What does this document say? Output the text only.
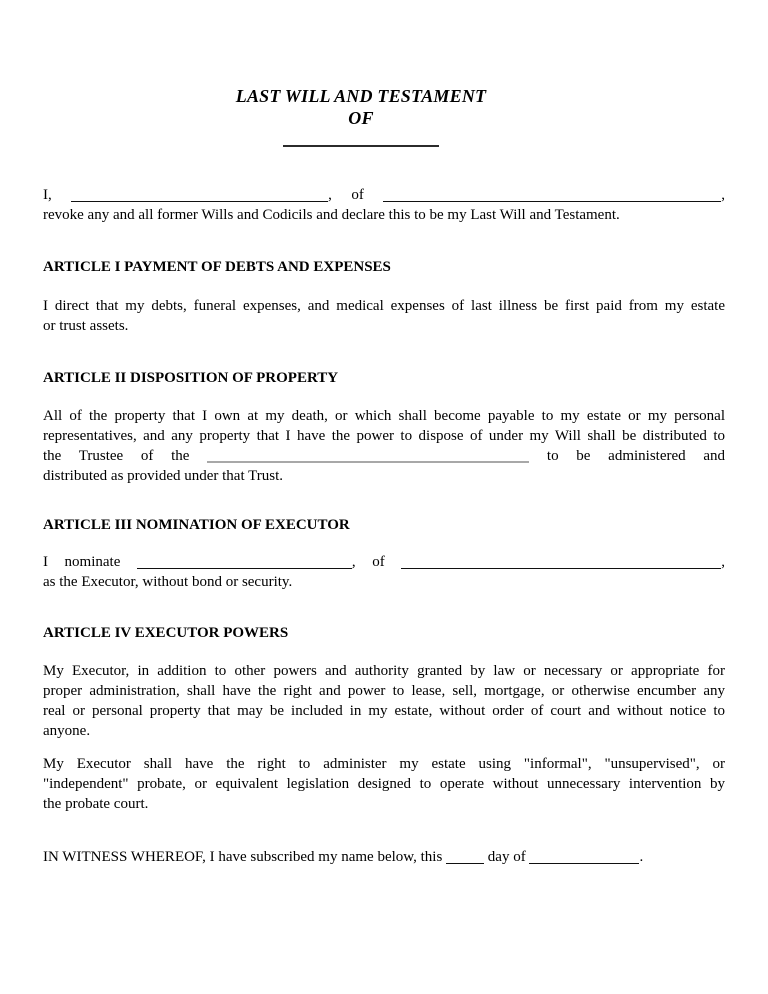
LAST WILL AND TESTAMENT
OF

I,	, of	,

revoke any and all former Wills and Codicils and declare this to be my Last Will and Testament.

ARTICLE I PAYMENT OF DEBTS AND EXPENSES

I direct that my debts, funeral expenses, and medical expenses of last illness be first paid from my estate

or trust assets.

ARTICLE II DISPOSITION OF PROPERTY

All of the property that I own at my death, or which shall become payable to my estate or my personal

representatives, and any property that I have the power to dispose of under my Will shall be distributed to

the Trustee of the	to be administered and

distributed as provided under that Trust.

ARTICLE III NOMINATION OF EXECUTOR

I nominate	, of	,

as the Executor, without bond or security.

ARTICLE IV EXECUTOR POWERS

My Executor, in addition to other powers and authority granted by law or necessary or appropriate for

proper administration, shall have the right and power to lease, sell, mortgage, or otherwise encumber any

real or personal property that may be included in my estate, without order of court and without notice to

anyone.

My Executor shall have the right to administer my estate using "informal", "unsupervised", or

"independent" probate, or equivalent legislation designed to operate without unnecessary intervention by

the probate court.

IN WITNESS WHEREOF, I have subscribed my name below, this	day of	.
